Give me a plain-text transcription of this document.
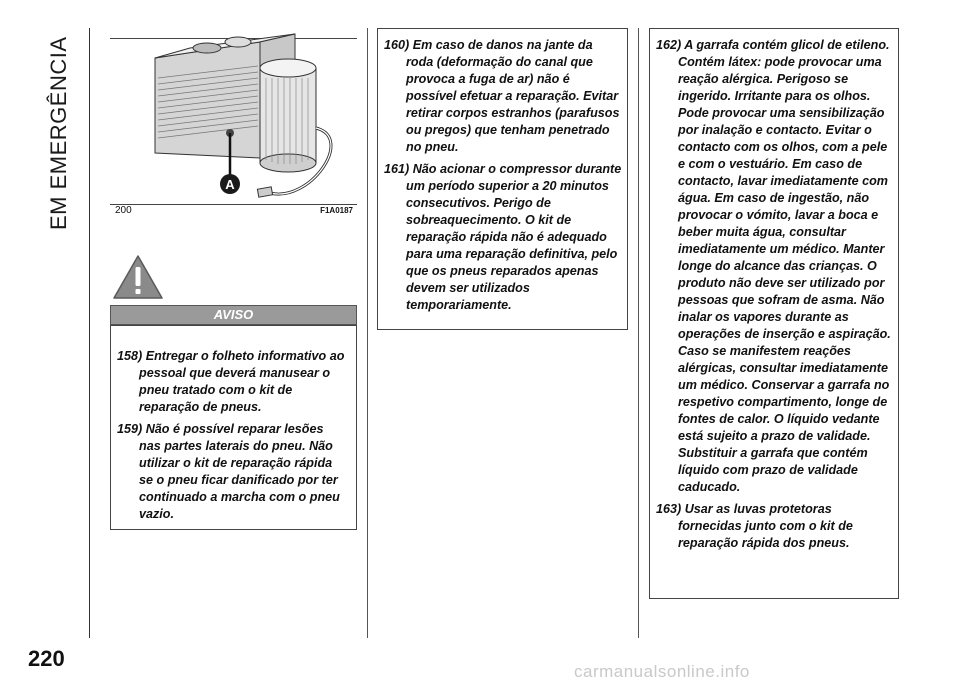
EM EMERGÊNCIA
220
A
200	F1A0187
AVISO

158) Entregar o folheto informativo ao pessoal que deverá manusear o pneu tratado com o kit de reparação de pneus.

159) Não é possível reparar lesões nas partes laterais do pneu. Não utilizar o kit de reparação rápida se o pneu ficar danificado por ter continuado a marcha com o pneu vazio.

160) Em caso de danos na jante da roda (deformação do canal que provoca a fuga de ar) não é possível efetuar a reparação. Evitar retirar corpos estranhos (parafusos ou pregos) que tenham penetrado no pneu.

161) Não acionar o compressor durante um período superior a 20 minutos consecutivos. Perigo de sobreaquecimento. O kit de reparação rápida não é adequado para uma reparação definitiva, pelo que os pneus reparados apenas devem ser utilizados temporariamente.

162) A garrafa contém glicol de etileno. Contém látex: pode provocar uma reação alérgica. Perigoso se ingerido. Irritante para os olhos. Pode provocar uma sensibilização por inalação e contacto. Evitar o contacto com os olhos, com a pele e com o vestuário. Em caso de contacto, lavar imediatamente com água. Em caso de ingestão, não provocar o vómito, lavar a boca e beber muita água, consultar imediatamente um médico. Manter longe do alcance das crianças. O produto não deve ser utilizado por pessoas que sofram de asma. Não inalar os vapores durante as operações de inserção e aspiração. Caso se manifestem reações alérgicas, consultar imediatamente um médico. Conservar a garrafa no respetivo compartimento, longe de fontes de calor. O líquido vedante está sujeito a prazo de validade. Substituir a garrafa que contém líquido com prazo de validade caducado.

163) Usar as luvas protetoras fornecidas junto com o kit de reparação rápida dos pneus.

carmanualsonline.info
